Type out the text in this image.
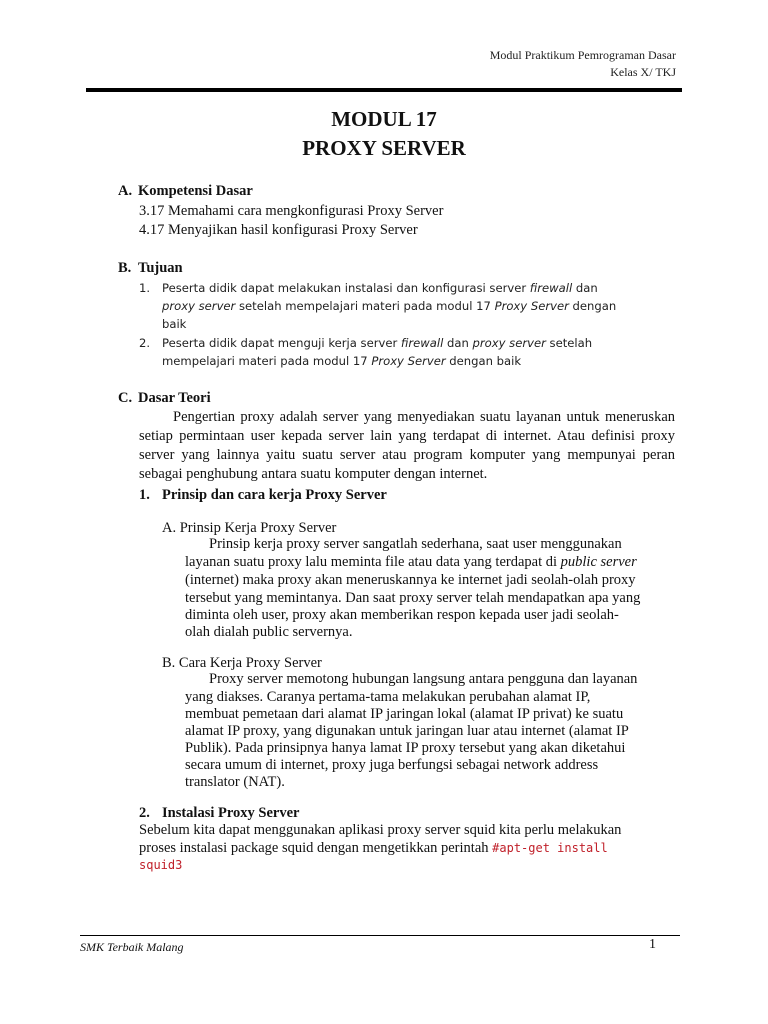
Modul Praktikum Pemrograman Dasar
Kelas X/ TKJ
MODUL 17
PROXY SERVER
A. Kompetensi Dasar
3.17 Memahami cara mengkonfigurasi Proxy Server
4.17 Menyajikan hasil konfigurasi Proxy Server
B. Tujuan
1. Peserta didik dapat melakukan instalasi dan konfigurasi server firewall dan
proxy server setelah mempelajari materi pada modul 17 Proxy Server dengan
baik
2. Peserta didik dapat menguji kerja server firewall dan proxy server setelah
mempelajari materi pada modul 17 Proxy Server dengan baik
C. Dasar Teori
Pengertian proxy adalah server yang menyediakan suatu layanan untuk meneruskan setiap permintaan user kepada server lain yang terdapat di internet. Atau definisi proxy server yang lainnya yaitu suatu server atau program komputer yang mempunyai peran sebagai penghubung antara suatu komputer dengan internet.
1. Prinsip dan cara kerja Proxy Server
A. Prinsip Kerja Proxy Server
Prinsip kerja proxy server sangatlah sederhana, saat user menggunakan
layanan suatu proxy lalu meminta file atau data yang terdapat di public server
(internet) maka proxy akan meneruskannya ke internet jadi seolah-olah proxy
tersebut yang memintanya. Dan saat proxy server telah mendapatkan apa yang
diminta oleh user, proxy akan memberikan respon kepada user jadi seolah-
olah dialah public servernya.
B. Cara Kerja Proxy Server
Proxy server memotong hubungan langsung antara pengguna dan layanan
yang diakses. Caranya pertama-tama melakukan perubahan alamat IP,
membuat pemetaan dari alamat IP jaringan lokal (alamat IP privat) ke suatu
alamat IP proxy, yang digunakan untuk jaringan luar atau internet (alamat IP
Publik). Pada prinsipnya hanya lamat IP proxy tersebut yang akan diketahui
secara umum di internet, proxy juga berfungsi sebagai network address
translator (NAT).
2. Instalasi Proxy Server
Sebelum kita dapat menggunakan aplikasi proxy server squid kita perlu melakukan
proses instalasi package squid dengan mengetikkan perintah #apt-get install
squid3
SMK Terbaik Malang	1
